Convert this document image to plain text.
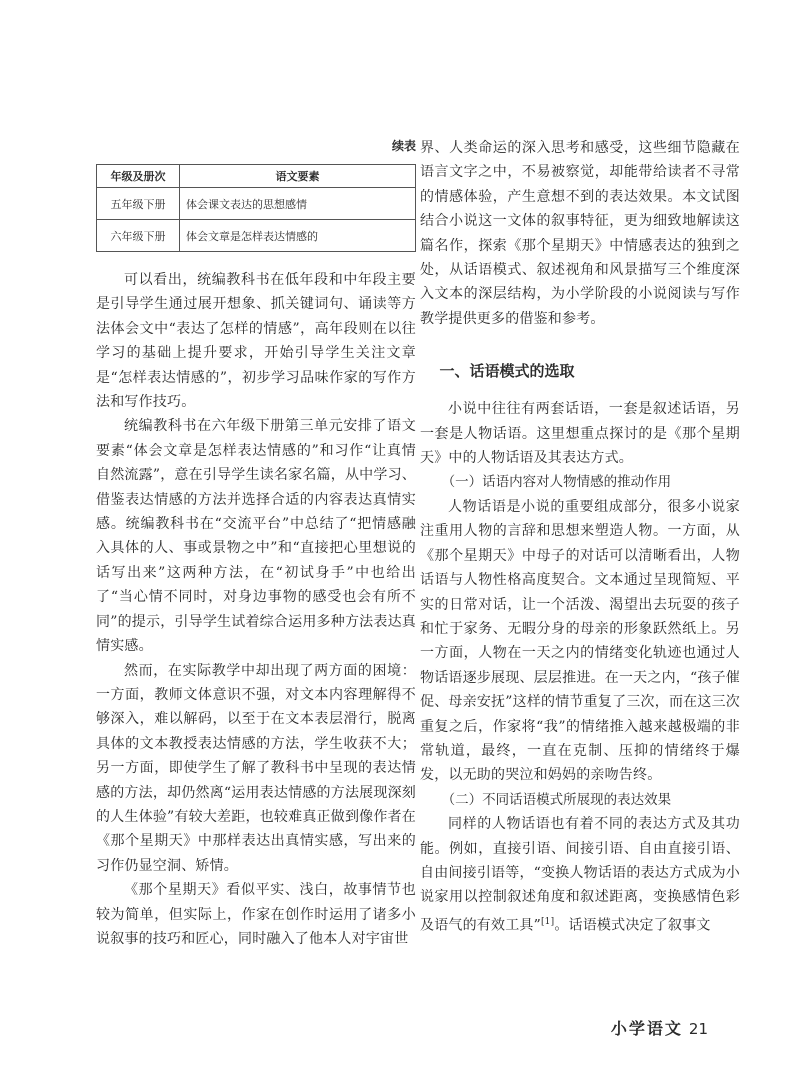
续表
年级及册次	语文要素
五年级下册	体会课文表达的思想感情
六年级下册	体会文章是怎样表达情感的

可以看出，统编教科书在低年段和中年段主要是引导学生通过展开想象、抓关键词句、诵读等方法体会文中“表达了怎样的情感”，高年段则在以往学习的基础上提升要求，开始引导学生关注文章是“怎样表达情感的”，初步学习品味作家的写作方法和写作技巧。

统编教科书在六年级下册第三单元安排了语文要素“体会文章是怎样表达情感的”和习作“让真情自然流露”，意在引导学生读名家名篇，从中学习、借鉴表达情感的方法并选择合适的内容表达真情实感。统编教科书在“交流平台”中总结了“把情感融入具体的人、事或景物之中”和“直接把心里想说的话写出来”这两种方法，在“初试身手”中也给出了“当心情不同时，对身边事物的感受也会有所不同”的提示，引导学生试着综合运用多种方法表达真情实感。

然而，在实际教学中却出现了两方面的困境：一方面，教师文体意识不强，对文本内容理解得不够深入，难以解码，以至于在文本表层滑行，脱离具体的文本教授表达情感的方法，学生收获不大；另一方面，即使学生了解了教科书中呈现的表达情感的方法，却仍然离“运用表达情感的方法展现深刻的人生体验”有较大差距，也较难真正做到像作者在《那个星期天》中那样表达出真情实感，写出来的习作仍显空洞、矫情。

《那个星期天》看似平实、浅白，故事情节也较为简单，但实际上，作家在创作时运用了诸多小说叙事的技巧和匠心，同时融入了他本人对宇宙世

界、人类命运的深入思考和感受，这些细节隐藏在语言文字之中，不易被察觉，却能带给读者不寻常的情感体验，产生意想不到的表达效果。本文试图结合小说这一文体的叙事特征，更为细致地解读这篇名作，探索《那个星期天》中情感表达的独到之处，从话语模式、叙述视角和风景描写三个维度深入文本的深层结构，为小学阶段的小说阅读与写作教学提供更多的借鉴和参考。

一、话语模式的选取

小说中往往有两套话语，一套是叙述话语，另一套是人物话语。这里想重点探讨的是《那个星期天》中的人物话语及其表达方式。

（一）话语内容对人物情感的推动作用

人物话语是小说的重要组成部分，很多小说家注重用人物的言辞和思想来塑造人物。一方面，从《那个星期天》中母子的对话可以清晰看出，人物话语与人物性格高度契合。文本通过呈现简短、平实的日常对话，让一个活泼、渴望出去玩耍的孩子和忙于家务、无暇分身的母亲的形象跃然纸上。另一方面，人物在一天之内的情绪变化轨迹也通过人物话语逐步展现、层层推进。在一天之内，“孩子催促、母亲安抚”这样的情节重复了三次，而在这三次重复之后，作家将“我”的情绪推入越来越极端的非常轨道，最终，一直在克制、压抑的情绪终于爆发，以无助的哭泣和妈妈的亲吻告终。

（二）不同话语模式所展现的表达效果

同样的人物话语也有着不同的表达方式及其功能。例如，直接引语、间接引语、自由直接引语、自由间接引语等，“变换人物话语的表达方式成为小说家用以控制叙述角度和叙述距离，变换感情色彩及语气的有效工具”[1]。话语模式决定了叙事文

小学语文 21
